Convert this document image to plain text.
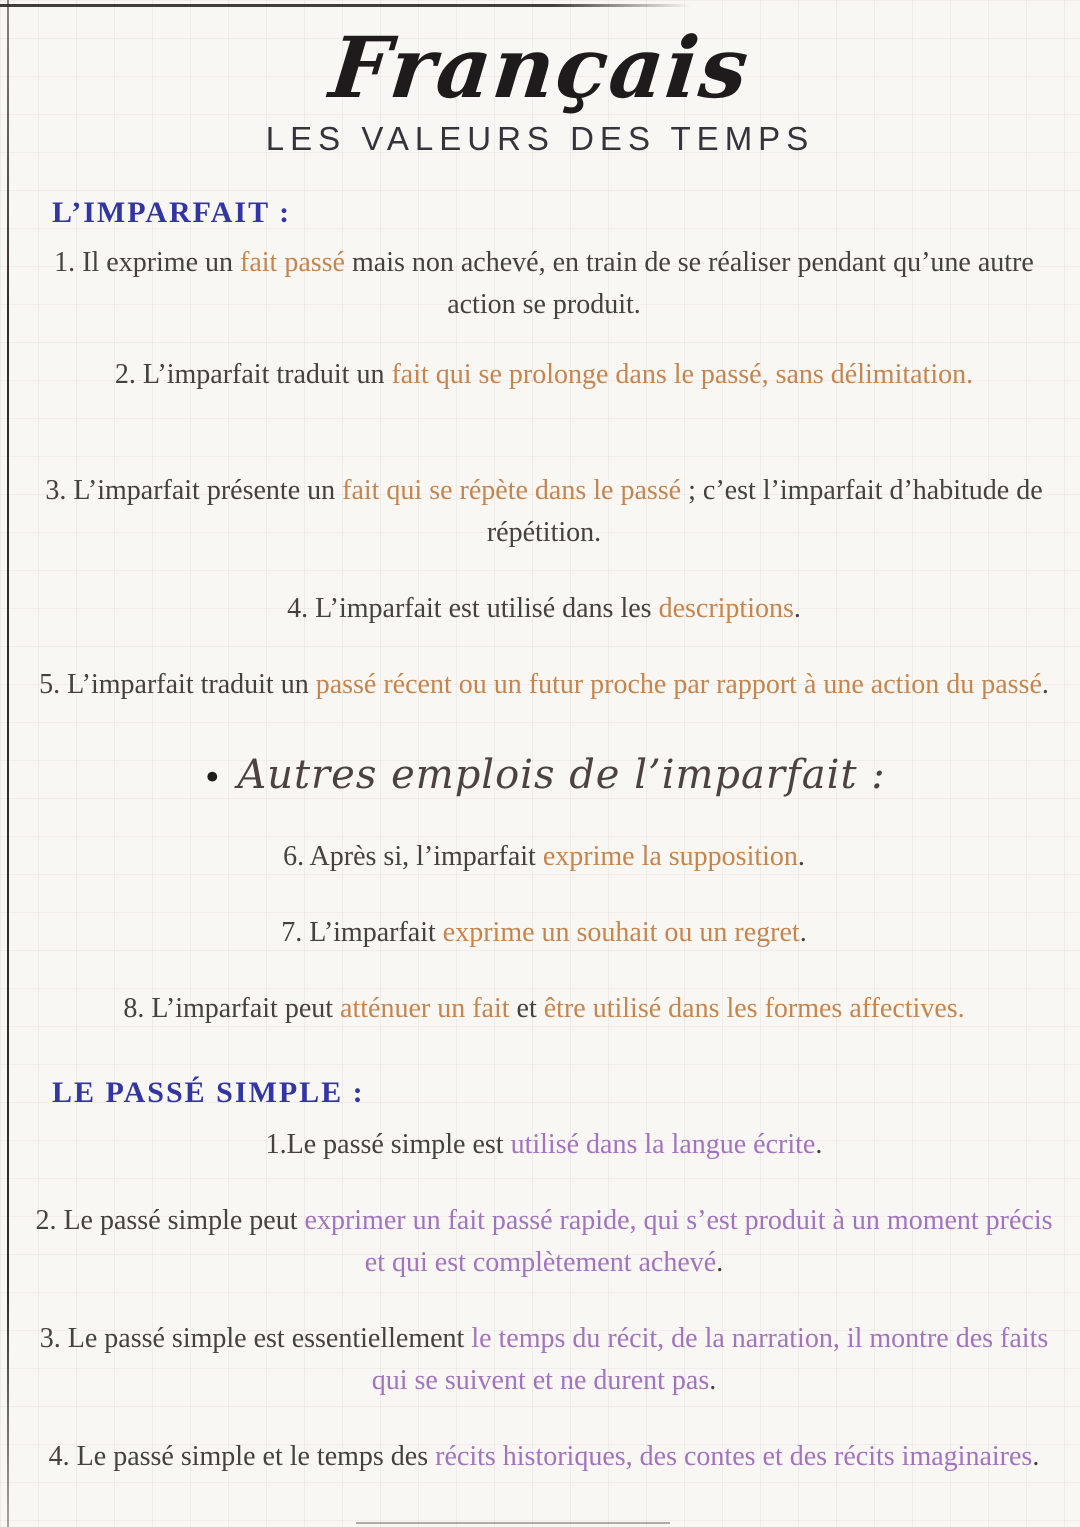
Français
LES VALEURS DES TEMPS
L’IMPARFAIT :

1. Il exprime un fait passé mais non achevé, en train de se réaliser pendant qu’une autre action se produit.

2. L’imparfait traduit un fait qui se prolonge dans le passé, sans délimitation.

3. L’imparfait présente un fait qui se répète dans le passé ; c’est l’imparfait d’habitude de répétition.

4. L’imparfait est utilisé dans les descriptions.

5. L’imparfait traduit un passé récent ou un futur proche par rapport à une action du passé.

• Autres emplois de l’imparfait :

6. Après si, l’imparfait exprime la supposition.

7. L’imparfait exprime un souhait ou un regret.

8. L’imparfait peut atténuer un fait et être utilisé dans les formes affectives.

LE PASSÉ SIMPLE :

1.Le passé simple est utilisé dans la langue écrite.

2. Le passé simple peut exprimer un fait passé rapide, qui s’est produit à un moment précis et qui est complètement achevé.

3. Le passé simple est essentiellement le temps du récit, de la narration, il montre des faits qui se suivent et ne durent pas.

4. Le passé simple et le temps des récits historiques, des contes et des récits imaginaires.
